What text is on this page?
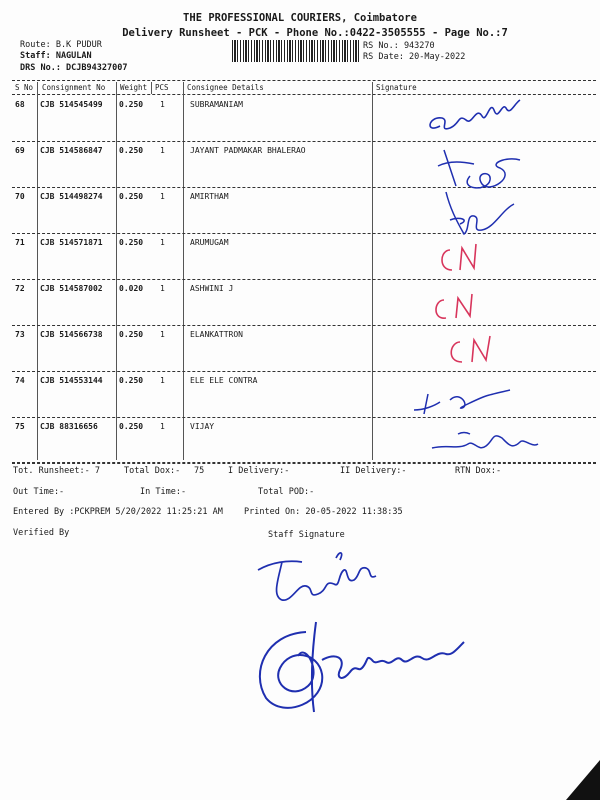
THE PROFESSIONAL COURIERS, Coimbatore
Delivery Runsheet - PCK - Phone No.:0422-3505555 - Page No.:7
Route: B.K PUDUR
Staff: NAGULAN
DRS No.: DCJB94327007
RS No.: 943270
RS Date: 20-May-2022
S No Consignment No Weight PCS Consignee Details	Signature
68 CJB 514545499 0.250 1	SUBRAMANIAM
69 CJB 514586847 0.250 1	JAYANT PADMAKAR BHALERAO
70 CJB 514498274 0.250 1	AMIRTHAM
71 CJB 514571871 0.250 1	ARUMUGAM
72 CJB 514587002 0.020 1	ASHWINI J
73 CJB 514566738 0.250 1	ELANKATTRON
74 CJB 514553144 0.250 1	ELE ELE CONTRA
75 CJB 88316656	0.250 1	VIJAY
Tot. Runsheet:- 7	Total Dox:- 75	I Delivery:-	II Delivery:-	RTN Dox:-
Out Time:-	In Time:-	Total POD:-
Entered By :PCKPREM 5/20/2022 11:25:21 AM Printed On: 20-05-2022 11:38:35
Verified By	Staff Signature
